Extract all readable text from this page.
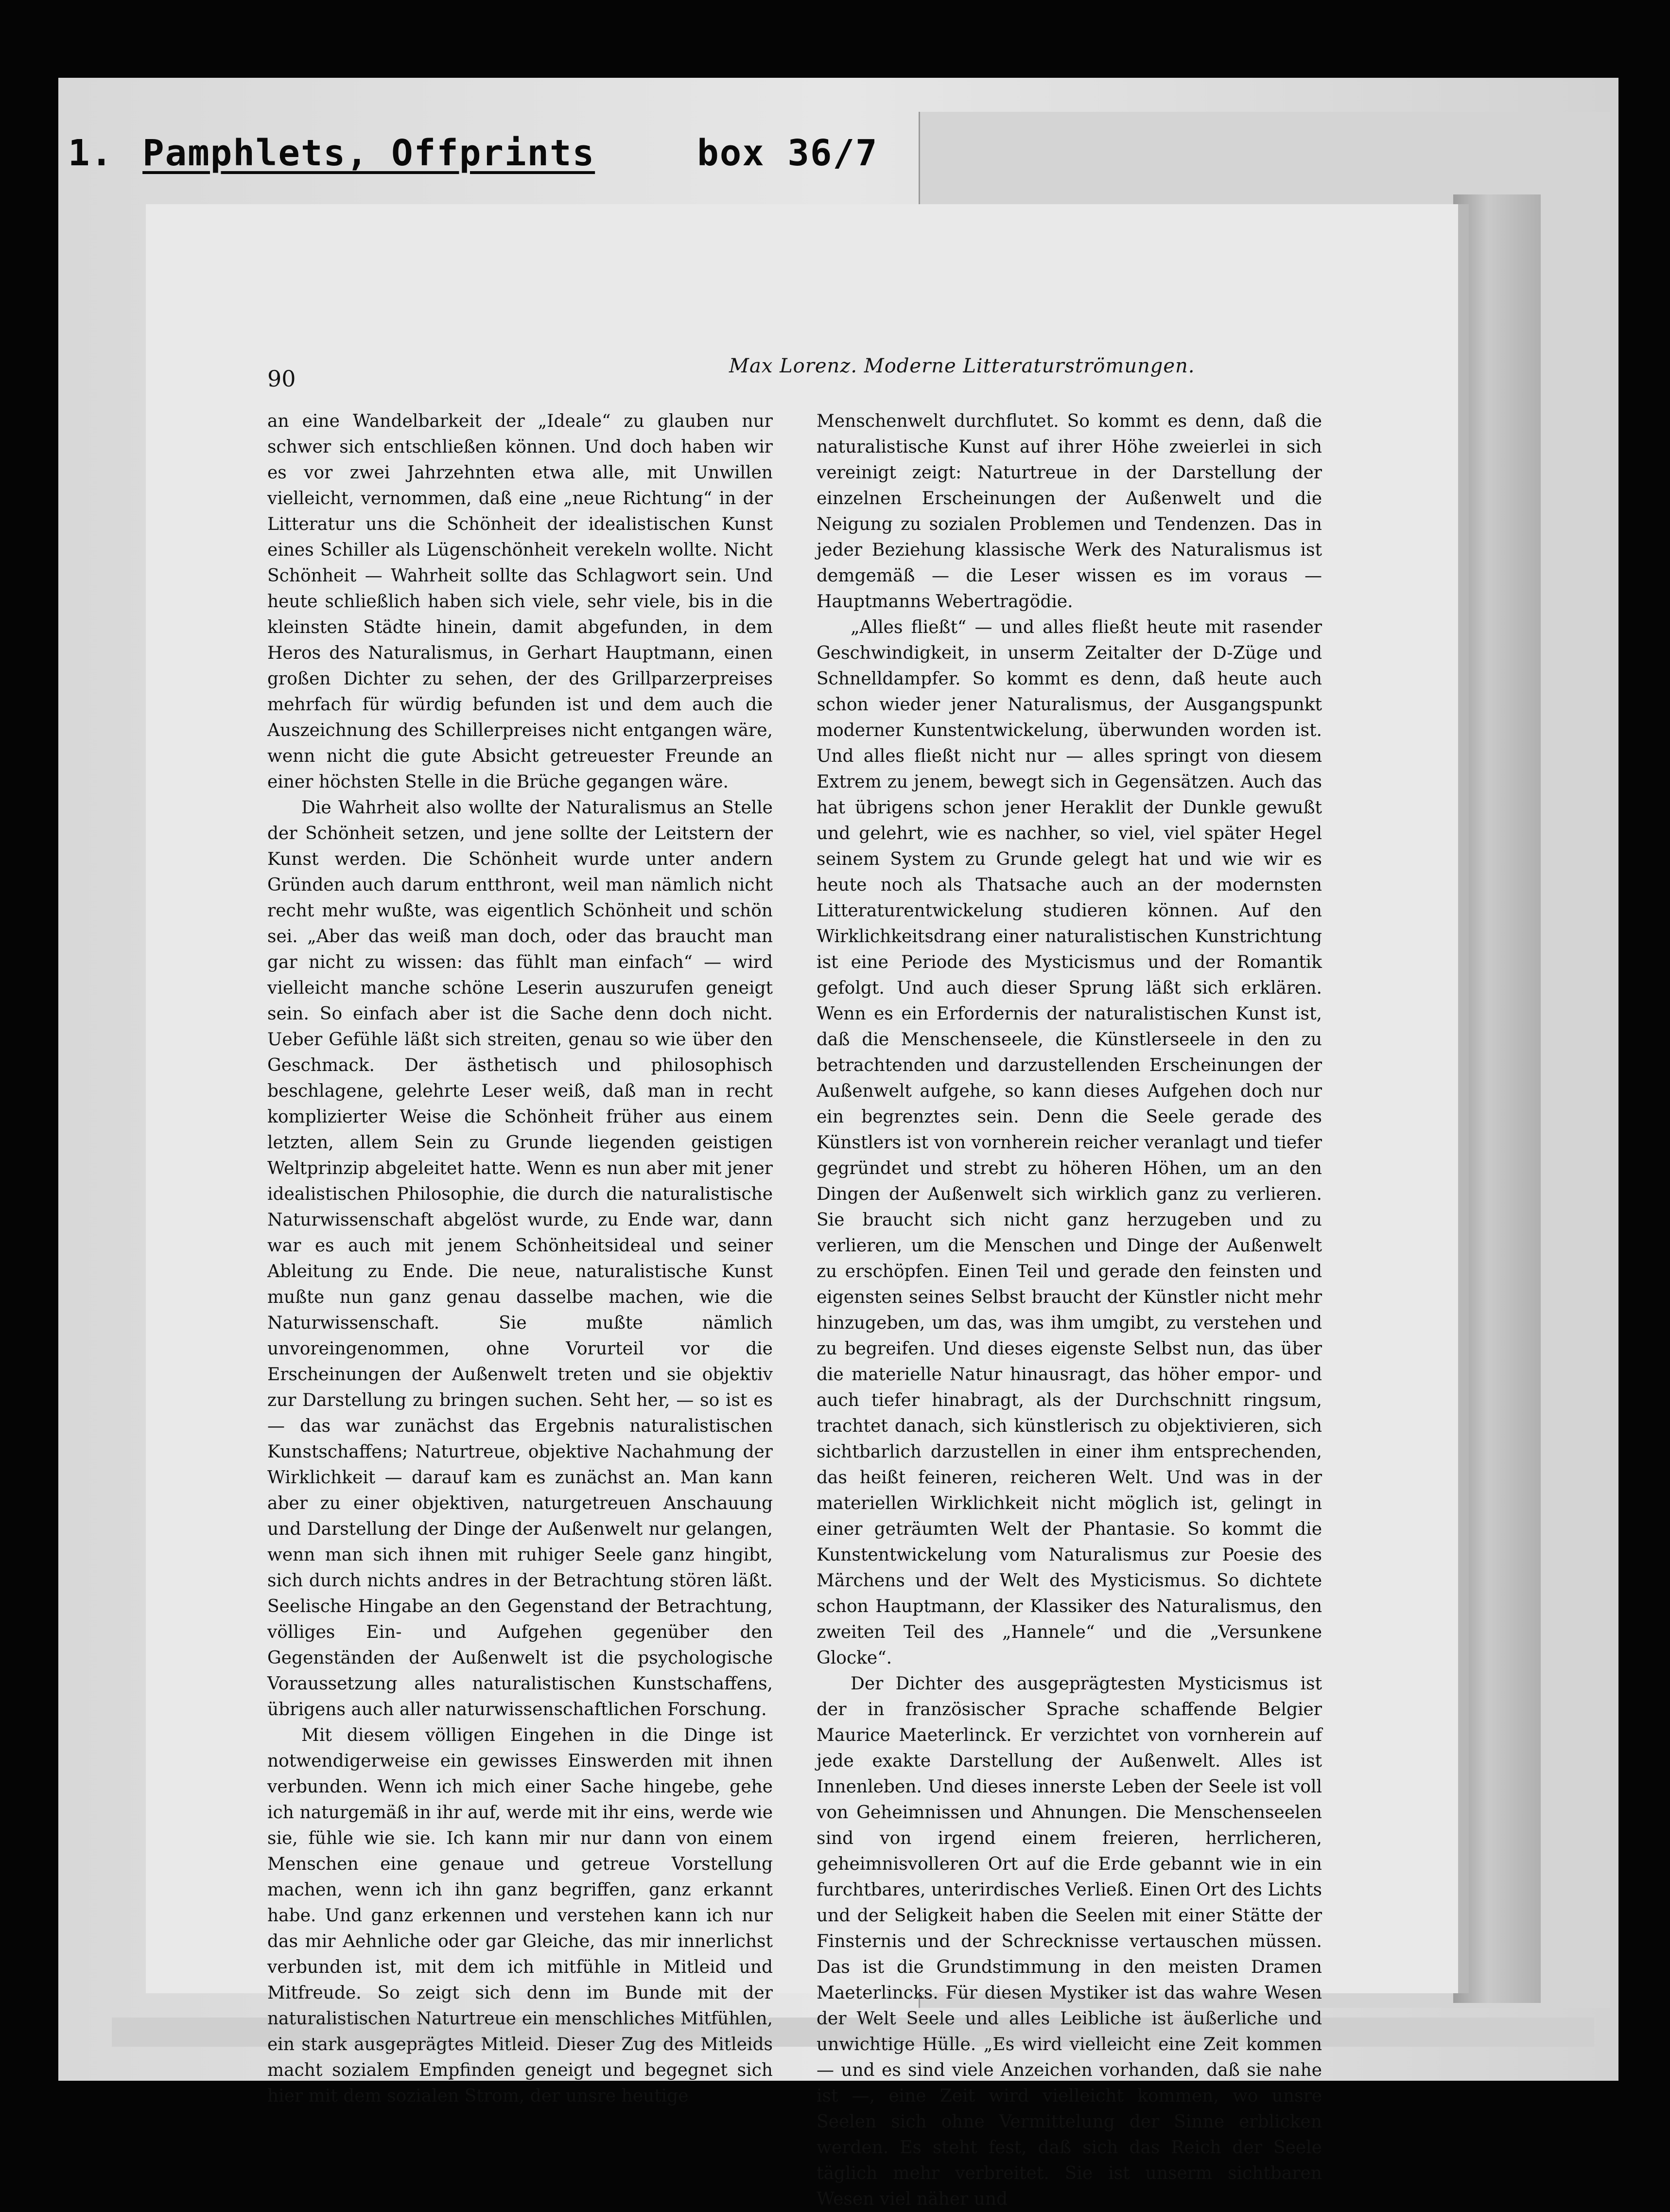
1. Pamphlets, Offprints	box 36/7
90	Max Lorenz. Moderne Litteraturströmungen.

an eine Wandelbarkeit der „Ideale“ zu glauben nur schwer sich entschließen können. Und doch haben wir es vor zwei Jahrzehnten etwa alle, mit Unwillen vielleicht, vernommen, daß eine „neue Richtung“ in der Litteratur uns die Schönheit der idealistischen Kunst eines Schiller als Lügenschönheit verekeln wollte. Nicht Schönheit — Wahrheit sollte das Schlagwort sein. Und heute schließlich haben sich viele, sehr viele, bis in die kleinsten Städte hinein, damit abgefunden, in dem Heros des Naturalismus, in Gerhart Hauptmann, einen großen Dichter zu sehen, der des Grillparzerpreises mehrfach für würdig befunden ist und dem auch die Auszeichnung des Schillerpreises nicht entgangen wäre, wenn nicht die gute Absicht getreuester Freunde an einer höchsten Stelle in die Brüche gegangen wäre.

Die Wahrheit also wollte der Naturalismus an Stelle der Schönheit setzen, und jene sollte der Leitstern der Kunst werden. Die Schönheit wurde unter andern Gründen auch darum entthront, weil man nämlich nicht recht mehr wußte, was eigentlich Schönheit und schön sei. „Aber das weiß man doch, oder das braucht man gar nicht zu wissen: das fühlt man einfach“ — wird vielleicht manche schöne Leserin auszurufen geneigt sein. So einfach aber ist die Sache denn doch nicht. Ueber Gefühle läßt sich streiten, genau so wie über den Geschmack. Der ästhetisch und philosophisch beschlagene, gelehrte Leser weiß, daß man in recht komplizierter Weise die Schönheit früher aus einem letzten, allem Sein zu Grunde liegenden geistigen Weltprinzip abgeleitet hatte. Wenn es nun aber mit jener idealistischen Philosophie, die durch die naturalistische Naturwissenschaft abgelöst wurde, zu Ende war, dann war es auch mit jenem Schönheitsideal und seiner Ableitung zu Ende. Die neue, naturalistische Kunst mußte nun ganz genau dasselbe machen, wie die Naturwissenschaft. Sie mußte nämlich unvoreingenommen, ohne Vorurteil vor die Erscheinungen der Außenwelt treten und sie objektiv zur Darstellung zu bringen suchen. Seht her, — so ist es — das war zunächst das Ergebnis naturalistischen Kunstschaffens; Naturtreue, objektive Nachahmung der Wirklichkeit — darauf kam es zunächst an. Man kann aber zu einer objektiven, naturgetreuen Anschauung und Darstellung der Dinge der Außenwelt nur gelangen, wenn man sich ihnen mit ruhiger Seele ganz hingibt, sich durch nichts andres in der Betrachtung stören läßt. Seelische Hingabe an den Gegenstand der Betrachtung, völliges Ein- und Aufgehen gegenüber den Gegenständen der Außenwelt ist die psychologische Voraussetzung alles naturalistischen Kunstschaffens, übrigens auch aller naturwissenschaftlichen Forschung.

Mit diesem völligen Eingehen in die Dinge ist notwendigerweise ein gewisses Einswerden mit ihnen verbunden. Wenn ich mich einer Sache hingebe, gehe ich naturgemäß in ihr auf, werde mit ihr eins, werde wie sie, fühle wie sie. Ich kann mir nur dann von einem Menschen eine genaue und getreue Vorstellung machen, wenn ich ihn ganz begriffen, ganz erkannt habe. Und ganz erkennen und verstehen kann ich nur das mir Aehnliche oder gar Gleiche, das mir innerlichst verbunden ist, mit dem ich mitfühle in Mitleid und Mitfreude. So zeigt sich denn im Bunde mit der naturalistischen Naturtreue ein menschliches Mitfühlen, ein stark ausgeprägtes Mitleid. Dieser Zug des Mitleids macht sozialem Empfinden geneigt und begegnet sich hier mit dem sozialen Strom, der unsre heutige

Menschenwelt durchflutet. So kommt es denn, daß die naturalistische Kunst auf ihrer Höhe zweierlei in sich vereinigt zeigt: Naturtreue in der Darstellung der einzelnen Erscheinungen der Außenwelt und die Neigung zu sozialen Problemen und Tendenzen. Das in jeder Beziehung klassische Werk des Naturalismus ist demgemäß — die Leser wissen es im voraus — Hauptmanns Webertragödie.

„Alles fließt“ — und alles fließt heute mit rasender Geschwindigkeit, in unserm Zeitalter der D-Züge und Schnelldampfer. So kommt es denn, daß heute auch schon wieder jener Naturalismus, der Ausgangspunkt moderner Kunstentwickelung, überwunden worden ist. Und alles fließt nicht nur — alles springt von diesem Extrem zu jenem, bewegt sich in Gegensätzen. Auch das hat übrigens schon jener Heraklit der Dunkle gewußt und gelehrt, wie es nachher, so viel, viel später Hegel seinem System zu Grunde gelegt hat und wie wir es heute noch als Thatsache auch an der modernsten Litteraturentwickelung studieren können. Auf den Wirklichkeitsdrang einer naturalistischen Kunstrichtung ist eine Periode des Mysticismus und der Romantik gefolgt. Und auch dieser Sprung läßt sich erklären. Wenn es ein Erfordernis der naturalistischen Kunst ist, daß die Menschenseele, die Künstlerseele in den zu betrachtenden und darzustellenden Erscheinungen der Außenwelt aufgehe, so kann dieses Aufgehen doch nur ein begrenztes sein. Denn die Seele gerade des Künstlers ist von vornherein reicher veranlagt und tiefer gegründet und strebt zu höheren Höhen, um an den Dingen der Außenwelt sich wirklich ganz zu verlieren. Sie braucht sich nicht ganz herzugeben und zu verlieren, um die Menschen und Dinge der Außenwelt zu erschöpfen. Einen Teil und gerade den feinsten und eigensten seines Selbst braucht der Künstler nicht mehr hinzugeben, um das, was ihm umgibt, zu verstehen und zu begreifen. Und dieses eigenste Selbst nun, das über die materielle Natur hinausragt, das höher empor- und auch tiefer hinabragt, als der Durchschnitt ringsum, trachtet danach, sich künstlerisch zu objektivieren, sich sichtbarlich darzustellen in einer ihm entsprechenden, das heißt feineren, reicheren Welt. Und was in der materiellen Wirklichkeit nicht möglich ist, gelingt in einer geträumten Welt der Phantasie. So kommt die Kunstentwickelung vom Naturalismus zur Poesie des Märchens und der Welt des Mysticismus. So dichtete schon Hauptmann, der Klassiker des Naturalismus, den zweiten Teil des „Hannele“ und die „Versunkene Glocke“.

Der Dichter des ausgeprägtesten Mysticismus ist der in französischer Sprache schaffende Belgier Maurice Maeterlinck. Er verzichtet von vornherein auf jede exakte Darstellung der Außenwelt. Alles ist Innenleben. Und dieses innerste Leben der Seele ist voll von Geheimnissen und Ahnungen. Die Menschenseelen sind von irgend einem freieren, herrlicheren, geheimnisvolleren Ort auf die Erde gebannt wie in ein furchtbares, unterirdisches Verließ. Einen Ort des Lichts und der Seligkeit haben die Seelen mit einer Stätte der Finsternis und der Schrecknisse vertauschen müssen. Das ist die Grundstimmung in den meisten Dramen Maeterlincks. Für diesen Mystiker ist das wahre Wesen der Welt Seele und alles Leibliche ist äußerliche und unwichtige Hülle. „Es wird vielleicht eine Zeit kommen — und es sind viele Anzeichen vorhanden, daß sie nahe ist —, eine Zeit wird vielleicht kommen, wo unsre Seelen sich ohne Vermittelung der Sinne erblicken werden. Es steht fest, daß sich das Reich der Seele täglich mehr verbreitet. Sie ist unserm sichtbaren Wesen viel näher und
